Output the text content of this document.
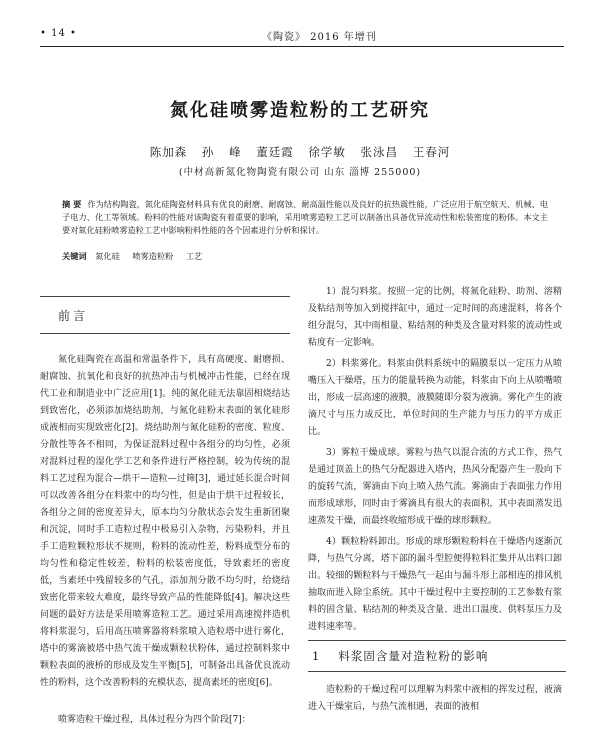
• 14 •	《陶瓷》 2016 年增刊
氮化硅喷雾造粒粉的工艺研究
陈加森 孙 峰 董廷霞 徐学敏 张泳昌 王春河
(中材高新氮化物陶瓷有限公司 山东 淄博 255000)
摘 要 作为结构陶瓷，氮化硅陶瓷材料具有优良的耐磨、耐腐蚀、耐高温性能以及良好的抗热震性能，广泛应用于航空航天、机械、电子电力、化工等领域。粉料的性能对该陶瓷有着重要的影响，采用喷雾造粒工艺可以制备出具备优异流动性和松装密度的粉体。本文主要对氮化硅粉喷雾造粒工艺中影响粉料性能的各个因素进行分析和探讨。
关键词 氮化硅 喷雾造粒粉 工艺
前言

氮化硅陶瓷在高温和常温条件下，具有高硬度、耐磨损、耐腐蚀、抗氧化和良好的抗热冲击与机械冲击性能，已经在现代工业和制造业中广泛应用[1]。纯的氮化硅无法靠固相烧结达到致密化，必须添加烧结助剂，与氮化硅粉末表面的氧化硅形成液相而实现致密化[2]。烧结助剂与氮化硅粉的密度、粒度、分散性等各不相同，为保证混料过程中各组分的均匀性，必须对混料过程的湿化学工艺和条件进行严格控制，较为传统的混料工艺过程为混合—烘干—造粒—过筛[3]，通过延长混合时间可以改善各组分在料浆中的均匀性，但是由于烘干过程较长，各组分之间的密度差异大，原本均匀分散状态会发生重新团聚和沉淀，同时手工造粒过程中极易引入杂物，污染粉料，并且手工造粒颗粒形状不规则，粉料的流动性差，粉料成型分布的均匀性和稳定性较差，粉料的松装密度低，导致素坯的密度低，当素坯中残留较多的气孔，添加剂分散不均匀时，给烧结致密化带来较大难度，最终导致产品的性能降低[4]。解决这些问题的最好方法是采用喷雾造粒工艺。通过采用高速搅拌造机将料浆混匀，后用高压喷雾器将料浆喷入造粒塔中进行雾化，塔中的雾滴被塔中热气流干燥成颗粒状粉体，通过控制料浆中颗粒表面的液桥的形成及发生平衡[5]，可制备出具备优良流动性的粉料，这个改善粉料的充模状态，提高素坯的密度[6]。

喷雾造粒干燥过程，具体过程分为四个阶段[7]：

1）混匀料浆。按照一定的比例，将氮化硅粉、助剂、溶精及粘结剂等加入到搅拌缸中，通过一定时间的高速混料，将各个组分混匀，其中雨相量、粘结剂的种类及含量对料浆的流动性或粘度有一定影响。

2）料浆雾化。料浆由供料系统中的隔膜泵以一定压力从喷嘴压入干燥塔，压力的能量转换为动能，料浆由下向上从喷嘴喷出，形成一层高速的液膜，液膜随即分裂为液滴。雾化产生的液滴尺寸与压力成反比，单位时间的生产能力与压力的平方成正比。

3）雾粒干燥成球。雾粒与热气以混合流的方式工作，热气是通过顶盖上的热气分配器进入塔内，热风分配器产生一股向下的旋转气流，雾滴由下向上喷入热气流。雾滴由于表面张力作用而形成球形，同时由于雾滴具有很大的表面积，其中表面蒸发迅速蒸发干燥，而最终收缩形成干燥的球形颗粒。

4）颗粒粉料卸出。形成的球形颗粒粉料在干燥塔内逐渐沉降，与热气分离，塔下部的漏斗型腔便得粒料汇集并从出料口卸出。较细的颗粒料与干燥热气一起由与漏斗形上部相连的排风机抽取而进入除尘系统。其中干燥过程中主要控制的工艺参数有浆料的固含量、粘结剂的种类及含量、进出口温度、供料泵压力及进料速率等。

1 料浆固含量对造粒粉的影响

造粒粉的干燥过程可以理解为料浆中液相的挥发过程，液滴进入干燥室后，与热气流相遇，表面的液相
